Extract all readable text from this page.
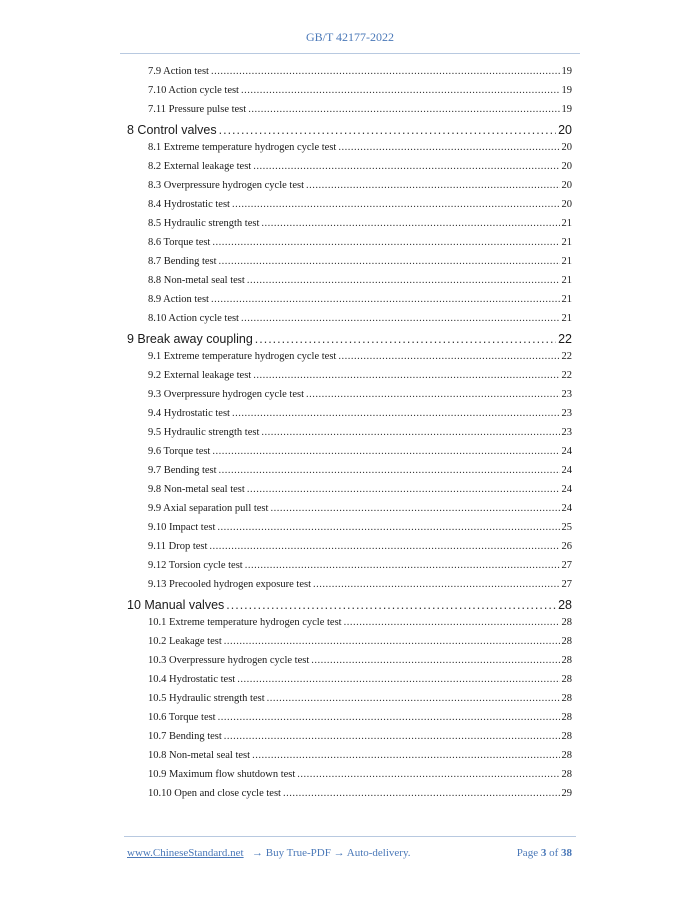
GB/T 42177-2022
7.9 Action test .....	19
7.10 Action cycle test .....	19
7.11 Pressure pulse test .....	19
8 Control valves .....	20
8.1 Extreme temperature hydrogen cycle test .....	20
8.2 External leakage test .....	20
8.3 Overpressure hydrogen cycle test .....	20
8.4 Hydrostatic test .....	20
8.5 Hydraulic strength test .....	21
8.6 Torque test .....	21
8.7 Bending test .....	21
8.8 Non-metal seal test .....	21
8.9 Action test .....	21
8.10 Action cycle test .....	21
9 Break away coupling .....	22
9.1 Extreme temperature hydrogen cycle test .....	22
9.2 External leakage test .....	22
9.3 Overpressure hydrogen cycle test .....	23
9.4 Hydrostatic test .....	23
9.5 Hydraulic strength test .....	23
9.6 Torque test .....	24
9.7 Bending test .....	24
9.8 Non-metal seal test .....	24
9.9 Axial separation pull test .....	24
9.10 Impact test .....	25
9.11 Drop test .....	26
9.12 Torsion cycle test .....	27
9.13 Precooled hydrogen exposure test .....	27
10 Manual valves .....	28
10.1 Extreme temperature hydrogen cycle test .....	28
10.2 Leakage test .....	28
10.3 Overpressure hydrogen cycle test .....	28
10.4 Hydrostatic test .....	28
10.5 Hydraulic strength test .....	28
10.6 Torque test .....	28
10.7 Bending test .....	28
10.8 Non-metal seal test .....	28
10.9 Maximum flow shutdown test .....	28
10.10 Open and close cycle test .....	29
www.ChineseStandard.net → Buy True-PDF → Auto-delivery.	Page 3 of 38
